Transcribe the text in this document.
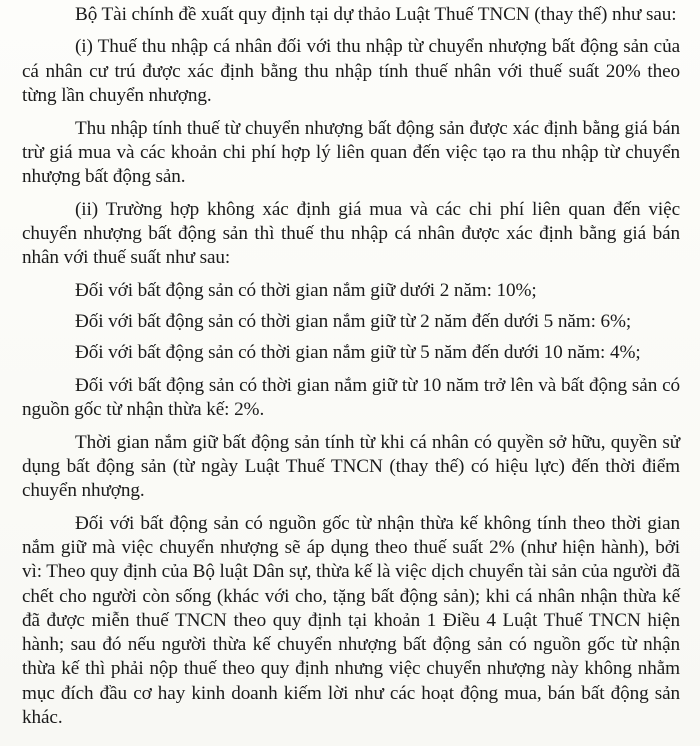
Bộ Tài chính đề xuất quy định tại dự thảo Luật Thuế TNCN (thay thế) như sau:

(i) Thuế thu nhập cá nhân đối với thu nhập từ chuyển nhượng bất động sản của cá nhân cư trú được xác định bằng thu nhập tính thuế nhân với thuế suất 20% theo từng lần chuyển nhượng.

Thu nhập tính thuế từ chuyển nhượng bất động sản được xác định bằng giá bán trừ giá mua và các khoản chi phí hợp lý liên quan đến việc tạo ra thu nhập từ chuyển nhượng bất động sản.

(ii) Trường hợp không xác định giá mua và các chi phí liên quan đến việc chuyển nhượng bất động sản thì thuế thu nhập cá nhân được xác định bằng giá bán nhân với thuế suất như sau:

Đối với bất động sản có thời gian nắm giữ dưới 2 năm: 10%;

Đối với bất động sản có thời gian nắm giữ từ 2 năm đến dưới 5 năm: 6%;

Đối với bất động sản có thời gian nắm giữ từ 5 năm đến dưới 10 năm: 4%;

Đối với bất động sản có thời gian nắm giữ từ 10 năm trở lên và bất động sản có nguồn gốc từ nhận thừa kế: 2%.

Thời gian nắm giữ bất động sản tính từ khi cá nhân có quyền sở hữu, quyền sử dụng bất động sản (từ ngày Luật Thuế TNCN (thay thế) có hiệu lực) đến thời điểm chuyển nhượng.

Đối với bất động sản có nguồn gốc từ nhận thừa kế không tính theo thời gian nắm giữ mà việc chuyển nhượng sẽ áp dụng theo thuế suất 2% (như hiện hành), bởi vì: Theo quy định của Bộ luật Dân sự, thừa kế là việc dịch chuyển tài sản của người đã chết cho người còn sống (khác với cho, tặng bất động sản); khi cá nhân nhận thừa kế đã được miễn thuế TNCN theo quy định tại khoản 1 Điều 4 Luật Thuế TNCN hiện hành; sau đó nếu người thừa kế chuyển nhượng bất động sản có nguồn gốc từ nhận thừa kế thì phải nộp thuế theo quy định nhưng việc chuyển nhượng này không nhằm mục đích đầu cơ hay kinh doanh kiếm lời như các hoạt động mua, bán bất động sản khác.
